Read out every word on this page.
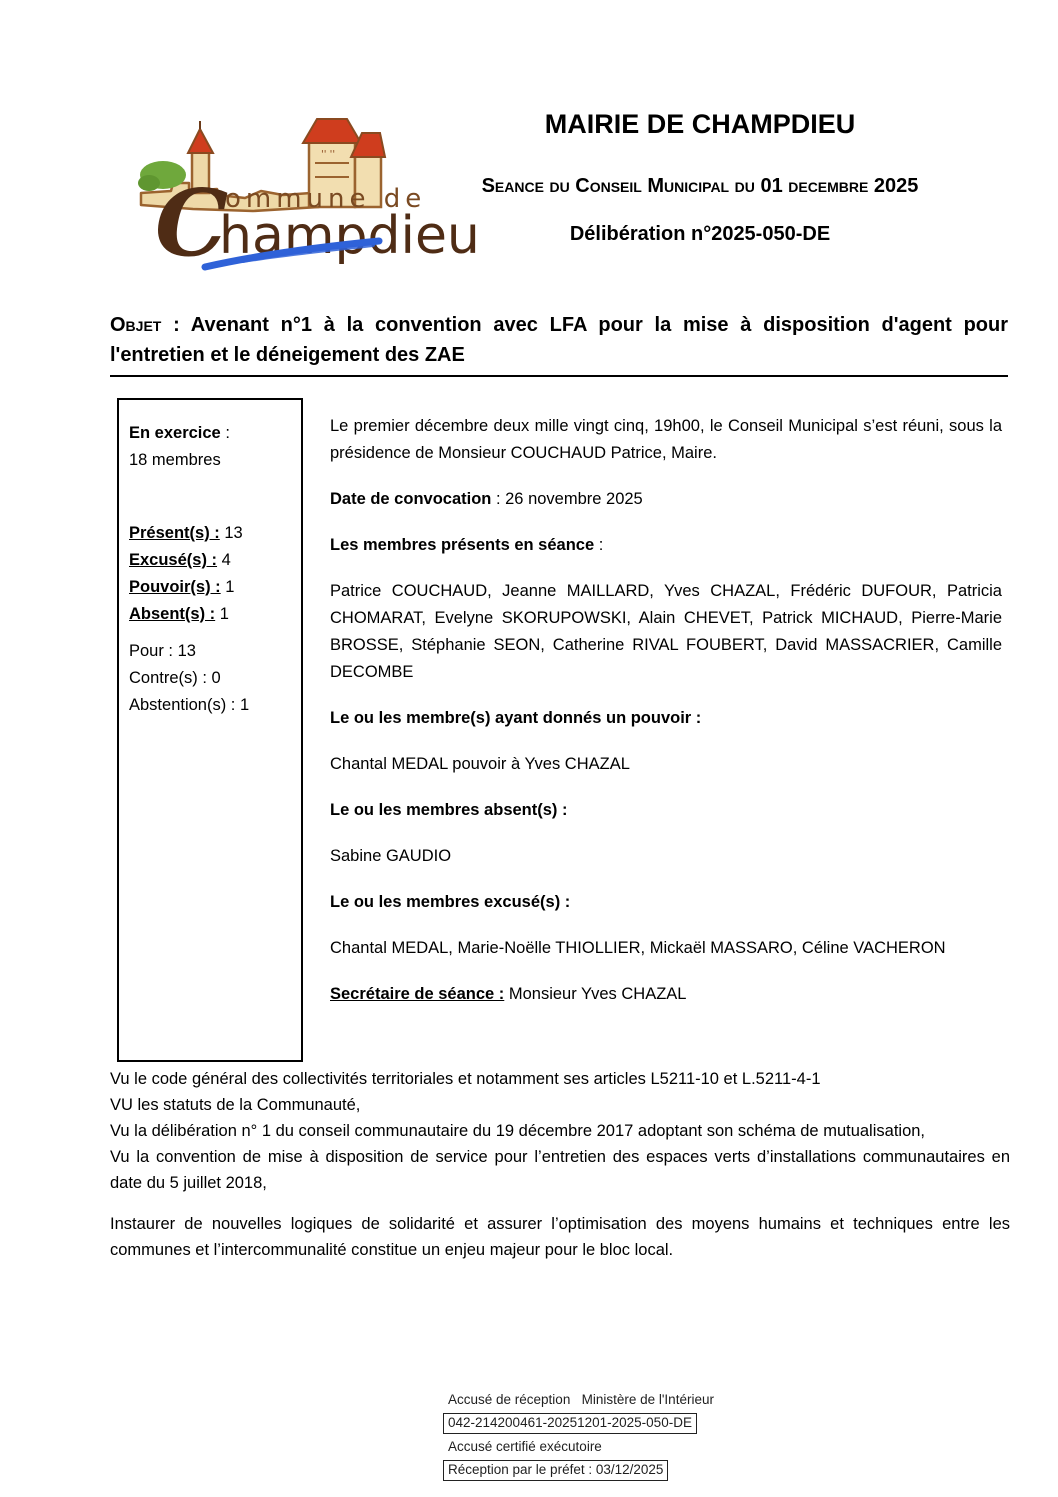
'' ''
ommune de
C
hampdieu

MAIRIE DE CHAMPDIEU

Seance du Conseil Municipal du 01 decembre 2025

Délibération n°2025-050-DE

Objet : Avenant n°1 à la convention avec LFA pour la mise à disposition d'agent pour l'entretien et le déneigement des ZAE

En exercice :
18 membres

Présent(s) : 13

Excusé(s) : 4

Pouvoir(s) : 1

Absent(s) : 1

Pour : 13

Contre(s) : 0

Abstention(s) : 1

Le premier décembre deux mille vingt cinq, 19h00, le Conseil Municipal s’est réuni, sous la présidence de Monsieur COUCHAUD Patrice, Maire.

Date de convocation : 26 novembre 2025

Les membres présents en séance :

Patrice COUCHAUD, Jeanne MAILLARD, Yves CHAZAL, Frédéric DUFOUR, Patricia CHOMARAT, Evelyne SKORUPOWSKI, Alain CHEVET, Patrick MICHAUD, Pierre-Marie BROSSE, Stéphanie SEON, Catherine RIVAL FOUBERT, David MASSACRIER, Camille DECOMBE

Le ou les membre(s) ayant donnés un pouvoir :

Chantal MEDAL pouvoir à Yves CHAZAL

Le ou les membres absent(s) :

Sabine GAUDIO

Le ou les membres excusé(s) :

Chantal MEDAL, Marie-Noëlle THIOLLIER, Mickaël MASSARO, Céline VACHERON

Secrétaire de séance : Monsieur Yves CHAZAL

Vu le code général des collectivités territoriales et notamment ses articles L5211-10 et L.5211-4-1

VU les statuts de la Communauté,

Vu la délibération n° 1 du conseil communautaire du 19 décembre 2017 adoptant son schéma de mutualisation,

Vu la convention de mise à disposition de service pour l’entretien des espaces verts d’installations communautaires en date du 5 juillet 2018,

Instaurer de nouvelles logiques de solidarité et assurer l’optimisation des moyens humains et techniques entre les communes et l’intercommunalité constitue un enjeu majeur pour le bloc local.

Accusé de réception   Ministère de l'Intérieur
042-214200461-20251201-2025-050-DE
Accusé certifié exécutoire
Réception par le préfet : 03/12/2025
